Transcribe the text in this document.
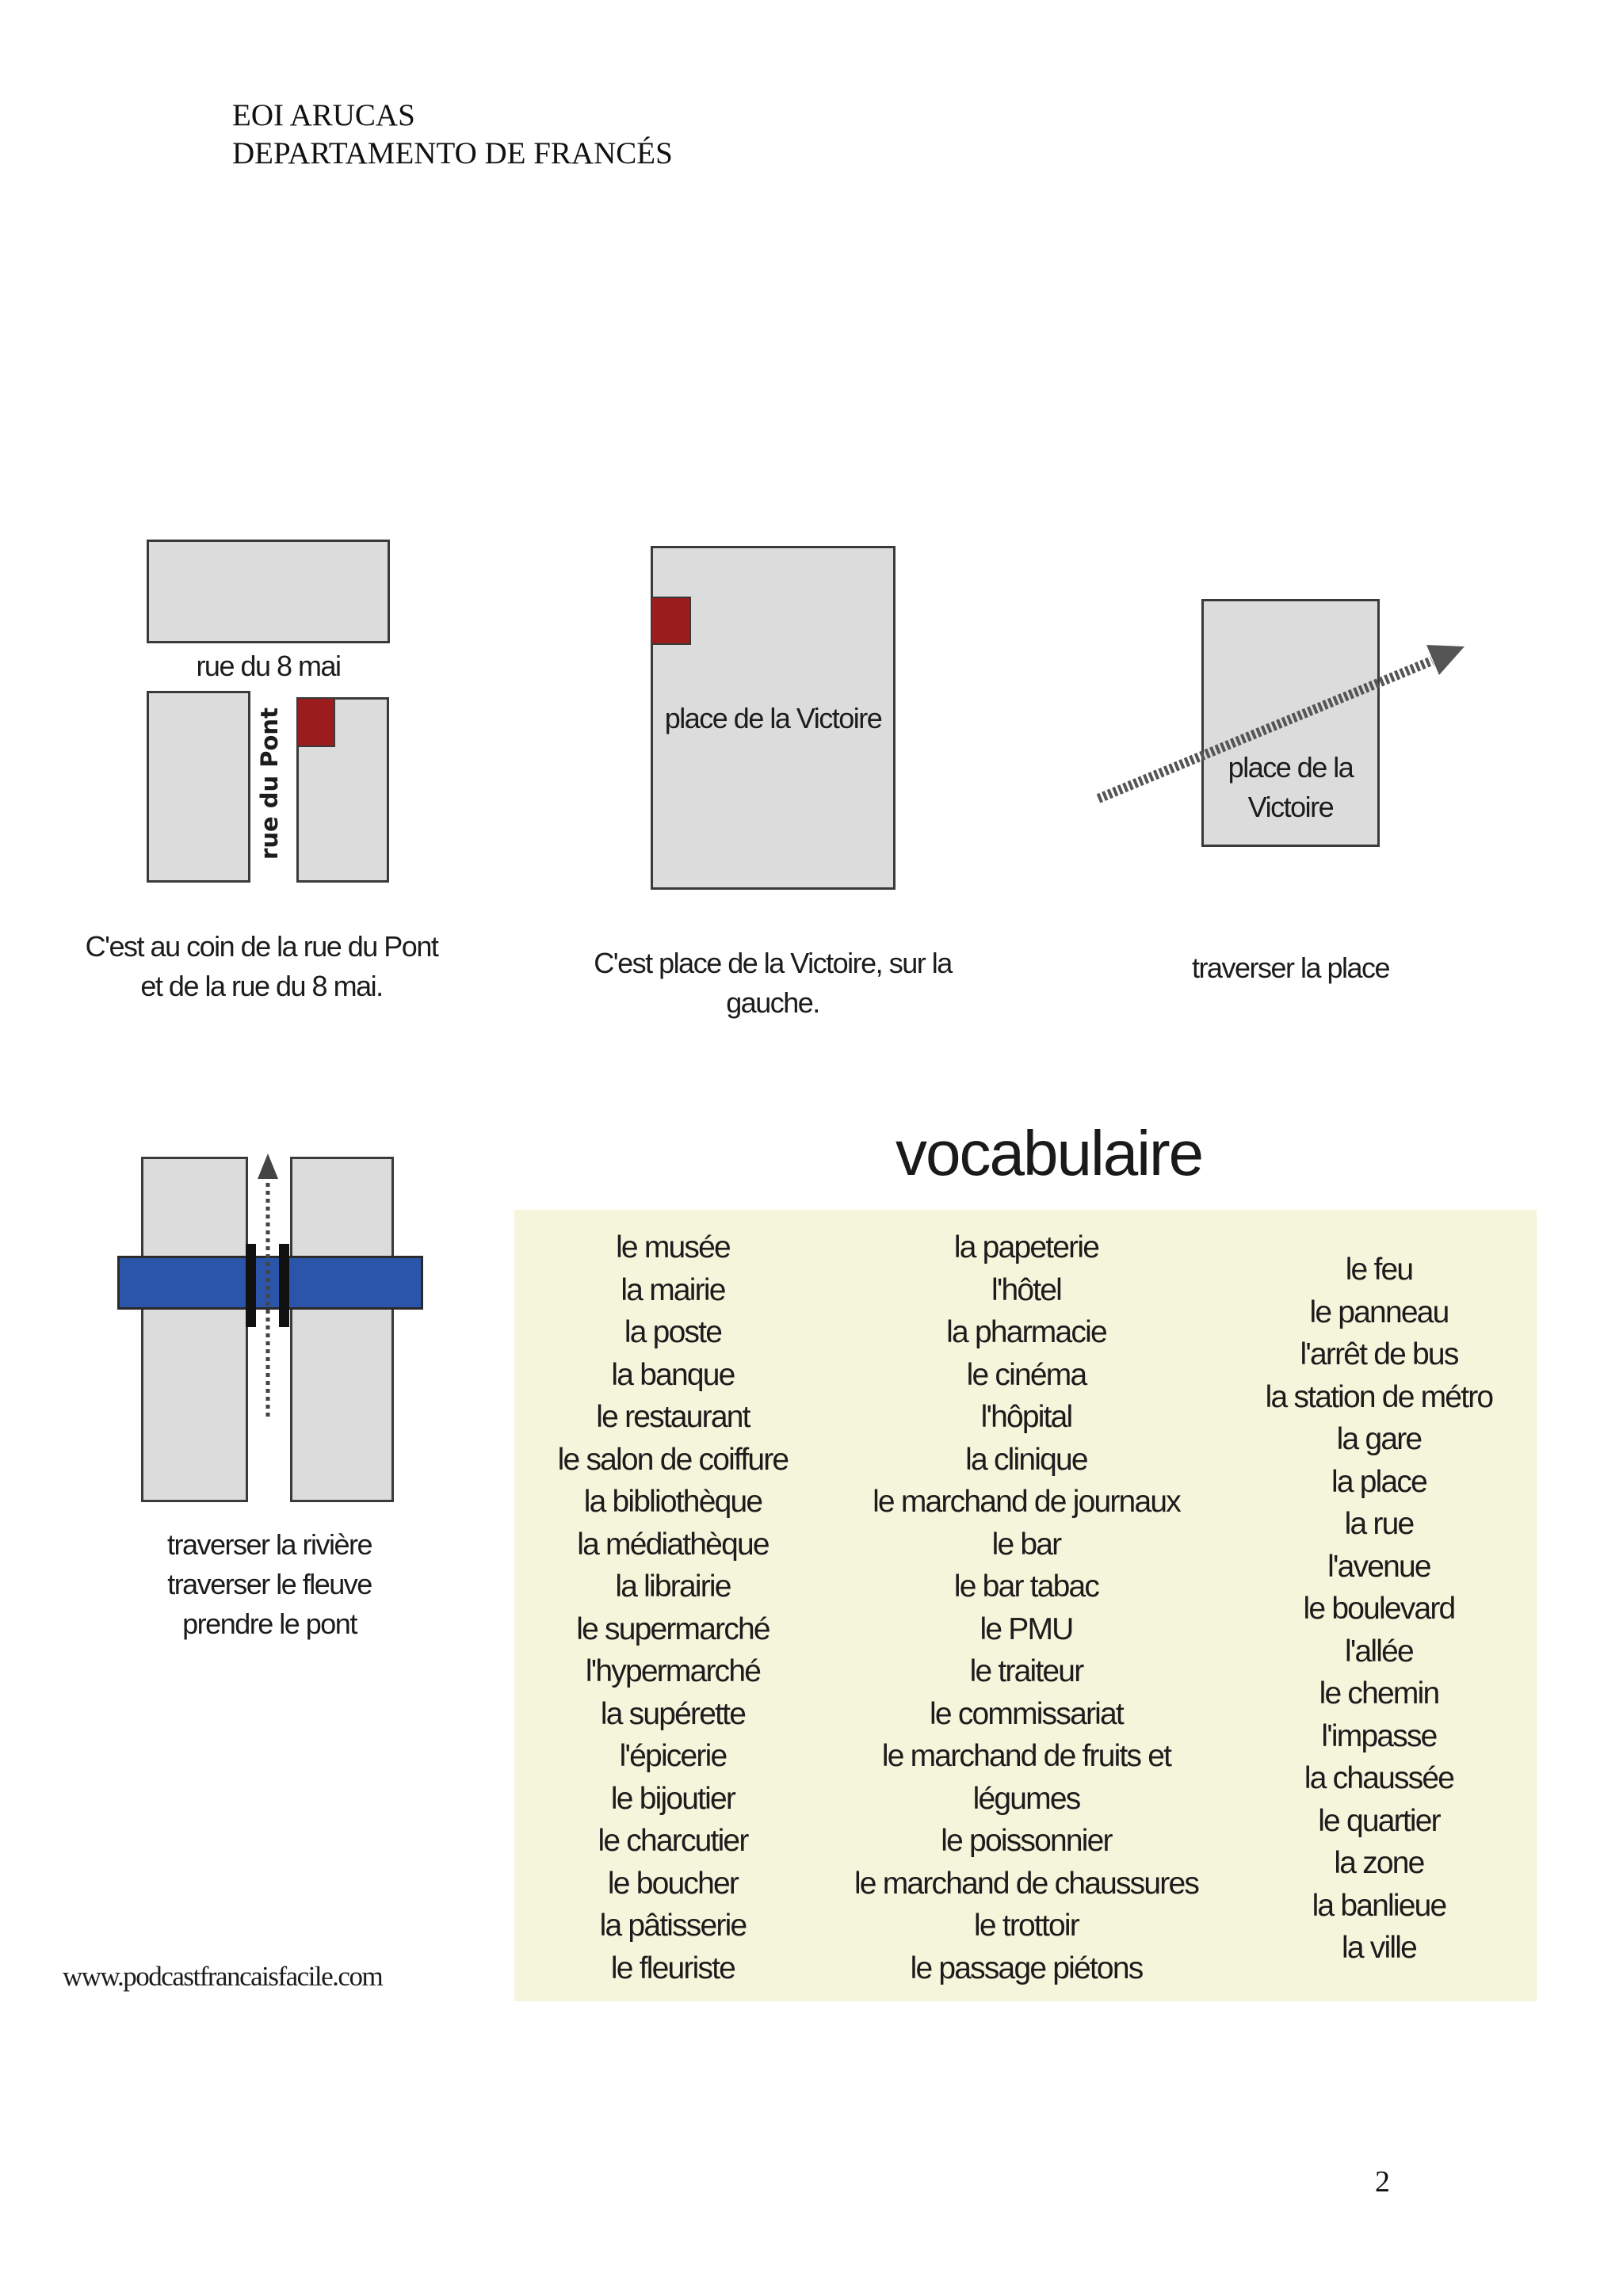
EOI ARUCAS
DEPARTAMENTO DE FRANCÉS
rue du 8 mai
rue du Pont
C'est au coin de la rue du Pont
et de la rue du 8 mai.
place de la Victoire
C'est place de la Victoire, sur la
gauche.
place de la
Victoire
traverser la place
traverser la rivière
traverser le fleuve
prendre le pont
www.podcastfrancaisfacile.com
vocabulaire
le musée
la mairie
la poste
la banque
le restaurant
le salon de coiffure
la bibliothèque
la médiathèque
la librairie
le supermarché
l'hypermarché
la supérette
l'épicerie
le bijoutier
le charcutier
le boucher
la pâtisserie
le fleuriste
la papeterie
l'hôtel
la pharmacie
le cinéma
l'hôpital
la clinique
le marchand de journaux
le bar
le bar tabac
le PMU
le traiteur
le commissariat
le marchand de fruits et
légumes
le poissonnier
le marchand de chaussures
le trottoir
le passage piétons
le feu
le panneau
l'arrêt de bus
la station de métro
la gare
la place
la rue
l'avenue
le boulevard
l'allée
le chemin
l'impasse
la chaussée
le quartier
la zone
la banlieue
la ville
2
